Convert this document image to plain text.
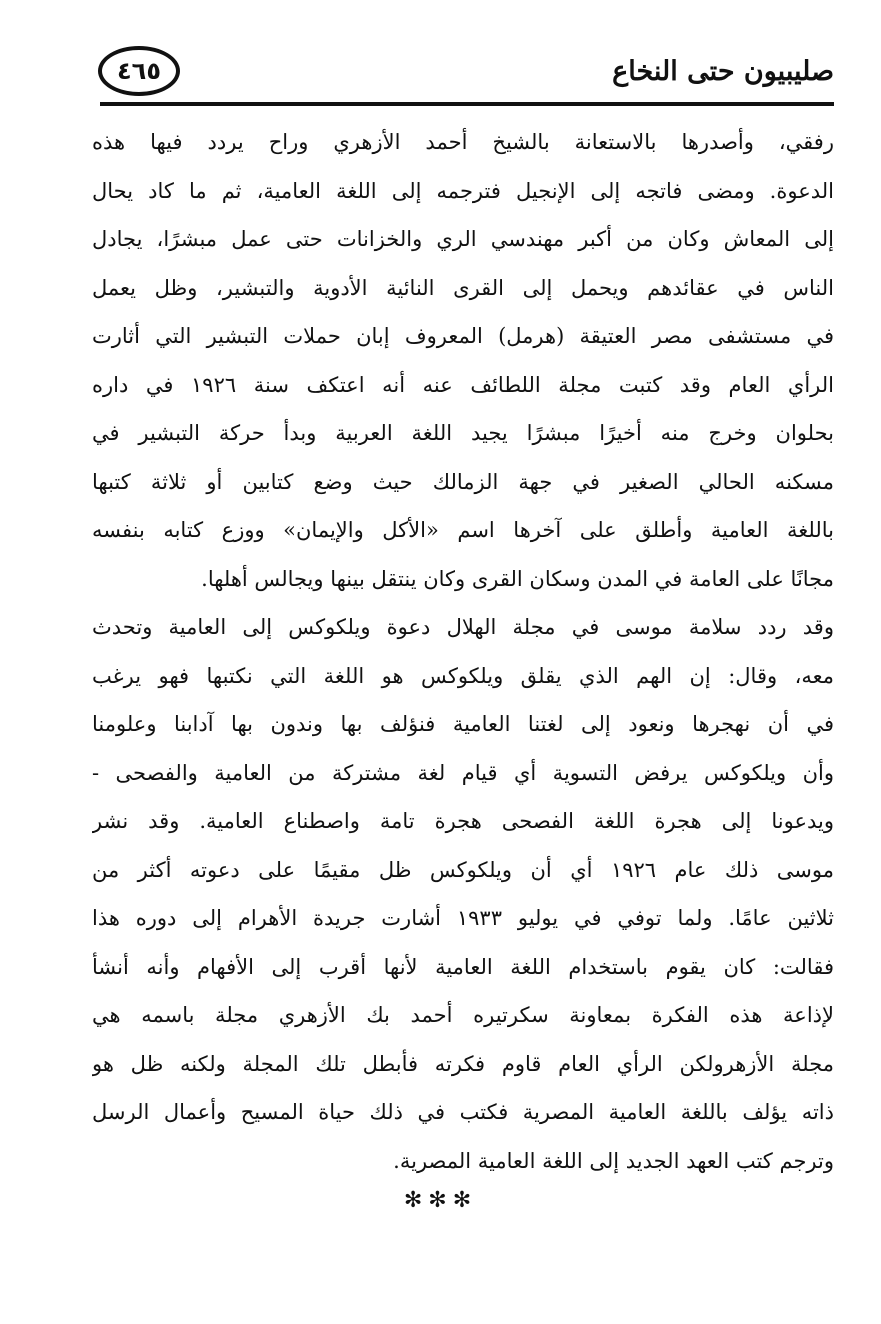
٤٦٥	صليبيون حتى النخاع
رفقي، وأصدرها بالاستعانة بالشيخ أحمد الأزهري وراح يردد فيها هذه
الدعوة. ومضى فاتجه إلى الإنجيل فترجمه إلى اللغة العامية، ثم ما كاد يحال
إلى المعاش وكان من أكبر مهندسي الري والخزانات حتى عمل مبشرًا، يجادل
الناس في عقائدهم ويحمل إلى القرى النائية الأدوية والتبشير، وظل يعمل
في مستشفى مصر العتيقة (هرمل) المعروف إبان حملات التبشير التي أثارت
الرأي العام وقد كتبت مجلة اللطائف عنه أنه اعتكف سنة ١٩٢٦ في داره
بحلوان وخرج منه أخيرًا مبشرًا يجيد اللغة العربية وبدأ حركة التبشير في
مسكنه الحالي الصغير في جهة الزمالك حيث وضع كتابين أو ثلاثة كتبها
باللغة العامية وأطلق على آخرها اسم «الأكل والإيمان» ووزع كتابه بنفسه
مجانًا على العامة في المدن وسكان القرى وكان ينتقل بينها ويجالس أهلها.
وقد ردد سلامة موسى في مجلة الهلال دعوة ويلكوكس إلى العامية وتحدث
معه، وقال: إن الهم الذي يقلق ويلكوكس هو اللغة التي نكتبها فهو يرغب
في أن نهجرها ونعود إلى لغتنا العامية فنؤلف بها وندون بها آدابنا وعلومنا
وأن ويلكوكس يرفض التسوية أي قيام لغة مشتركة من العامية والفصحى -
ويدعونا إلى هجرة اللغة الفصحى هجرة تامة واصطناع العامية. وقد نشر
موسى ذلك عام ١٩٢٦ أي أن ويلكوكس ظل مقيمًا على دعوته أكثر من
ثلاثين عامًا. ولما توفي في يوليو ١٩٣٣ أشارت جريدة الأهرام إلى دوره هذا
فقالت: كان يقوم باستخدام اللغة العامية لأنها أقرب إلى الأفهام وأنه أنشأ
لإذاعة هذه الفكرة بمعاونة سكرتيره أحمد بك الأزهري مجلة باسمه هي
مجلة الأزهرولكن الرأي العام قاوم فكرته فأبطل تلك المجلة ولكنه ظل هو
ذاته يؤلف باللغة العامية المصرية فكتب في ذلك حياة المسيح وأعمال الرسل
وترجم كتب العهد الجديد إلى اللغة العامية المصرية.
✻✻✻
